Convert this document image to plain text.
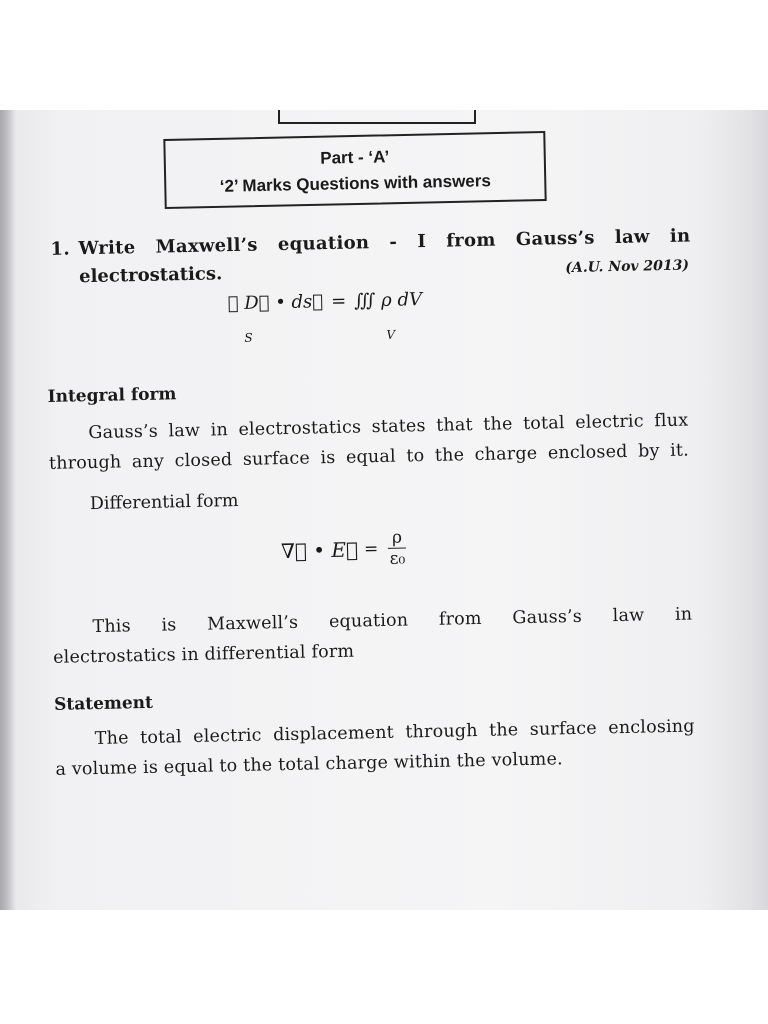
Part - ‘A’
‘2’ Marks Questions with answers
1. Write Maxwell’s equation - I from Gauss’s law in
electrostatics.	(A.U. Nov 2013)
∯ D⃗ • ds⃗ = ∭ ρ dV
S	V
Integral form
Gauss’s law in electrostatics states that the total electric flux
through any closed surface is equal to the charge enclosed by it.
Differential form
∇⃗ • E⃗ = $\frac{\rho}{\text{ε₀}}$
This is Maxwell’s equation from Gauss’s law in
electrostatics in differential form
Statement
The total electric displacement through the surface enclosing
a volume is equal to the total charge within the volume.
